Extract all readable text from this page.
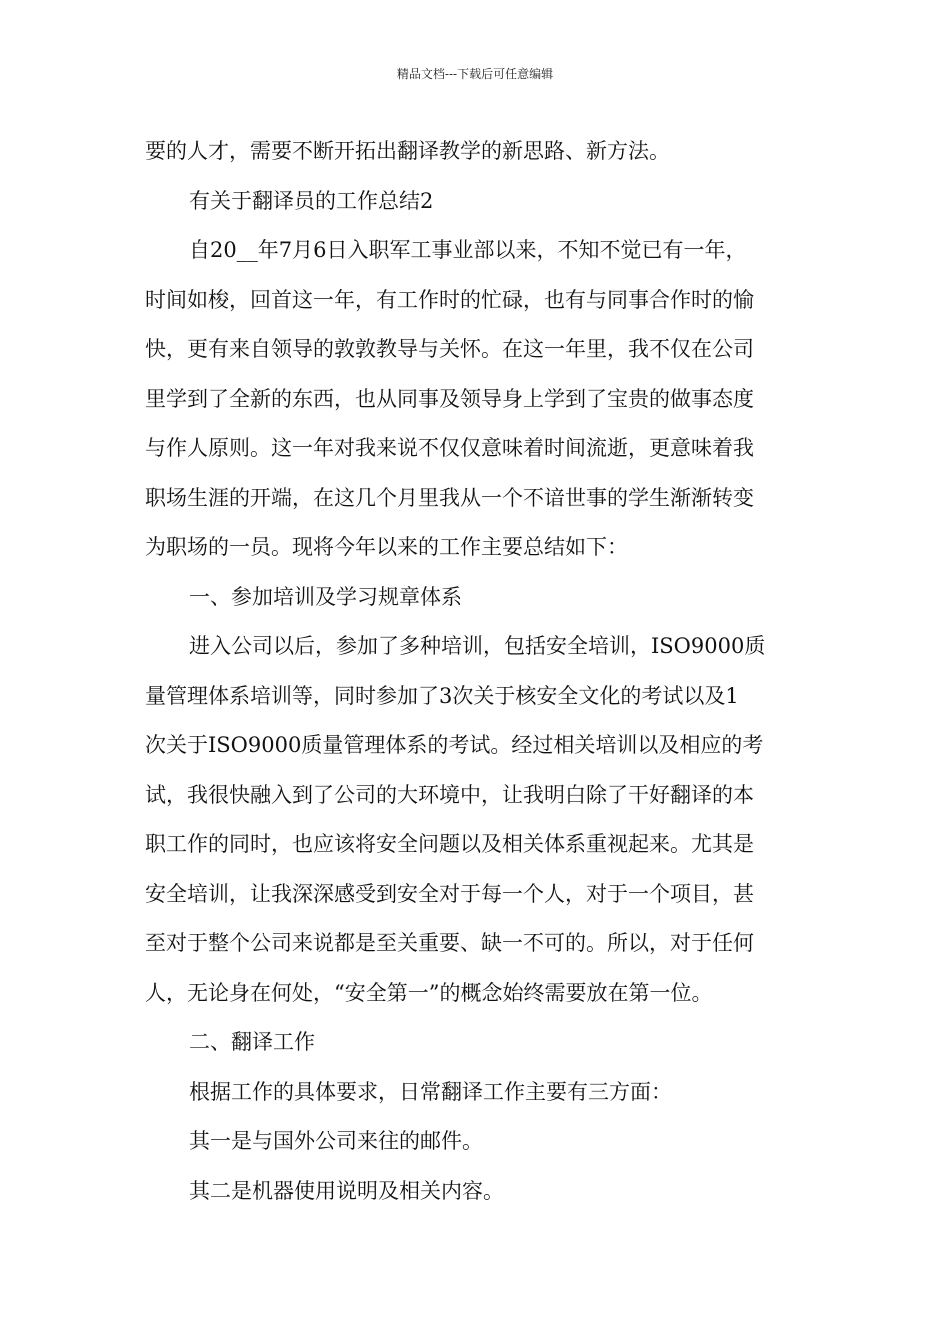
精品文档---下载后可任意编辑
要的人才，需要不断开拓出翻译教学的新思路、新方法。
有关于翻译员的工作总结2
自20__年7月6日入职军工事业部以来，不知不觉已有一年，
时间如梭，回首这一年，有工作时的忙碌，也有与同事合作时的愉
快，更有来自领导的敦敦教导与关怀。在这一年里，我不仅在公司
里学到了全新的东西，也从同事及领导身上学到了宝贵的做事态度
与作人原则。这一年对我来说不仅仅意味着时间流逝，更意味着我
职场生涯的开端，在这几个月里我从一个不谙世事的学生渐渐转变
为职场的一员。现将今年以来的工作主要总结如下：
一、参加培训及学习规章体系
进入公司以后，参加了多种培训，包括安全培训，ISO9000质
量管理体系培训等，同时参加了3次关于核安全文化的考试以及1
次关于ISO9000质量管理体系的考试。经过相关培训以及相应的考
试，我很快融入到了公司的大环境中，让我明白除了干好翻译的本
职工作的同时，也应该将安全问题以及相关体系重视起来。尤其是
安全培训，让我深深感受到安全对于每一个人，对于一个项目，甚
至对于整个公司来说都是至关重要、缺一不可的。所以，对于任何
人，无论身在何处，“安全第一”的概念始终需要放在第一位。
二、翻译工作
根据工作的具体要求，日常翻译工作主要有三方面：
其一是与国外公司来往的邮件。
其二是机器使用说明及相关内容。
